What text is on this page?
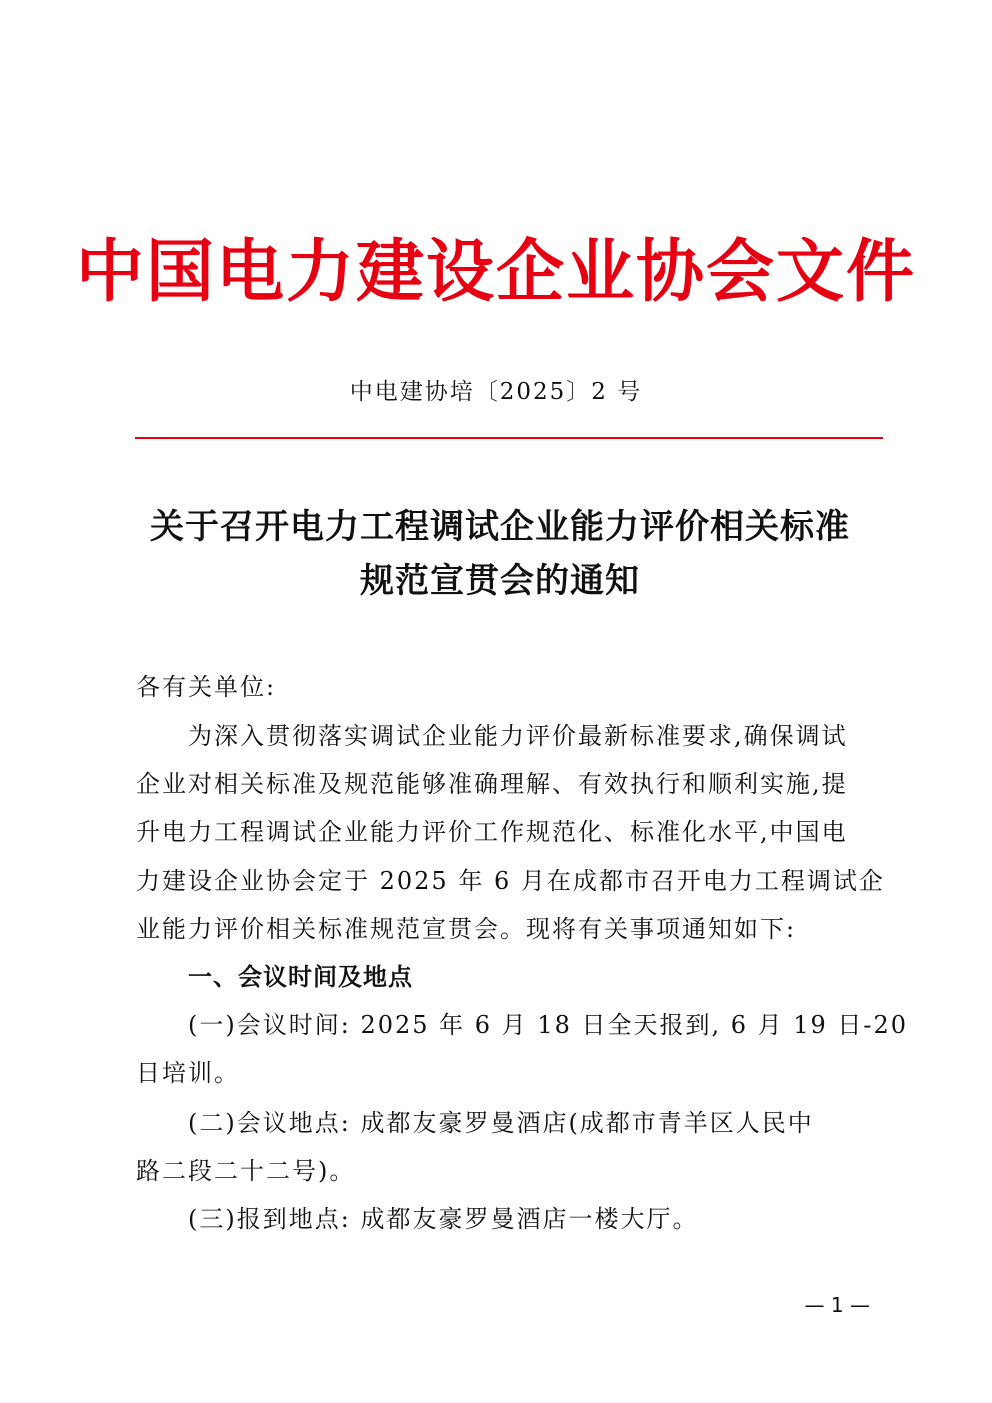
中国电力建设企业协会文件
中电建协培〔2025〕2 号
关于召开电力工程调试企业能力评价相关标准
规范宣贯会的通知
各有关单位:
为深入贯彻落实调试企业能力评价最新标准要求,确保调试
企业对相关标准及规范能够准确理解、有效执行和顺利实施,提
升电力工程调试企业能力评价工作规范化、标准化水平,中国电
力建设企业协会定于 2025 年 6 月在成都市召开电力工程调试企
业能力评价相关标准规范宣贯会。现将有关事项通知如下:
一、会议时间及地点
(一)会议时间: 2025 年 6 月 18 日全天报到, 6 月 19 日-20
日培训。
(二)会议地点: 成都友豪罗曼酒店(成都市青羊区人民中
路二段二十二号)。
(三)报到地点: 成都友豪罗曼酒店一楼大厅。
— 1 —
